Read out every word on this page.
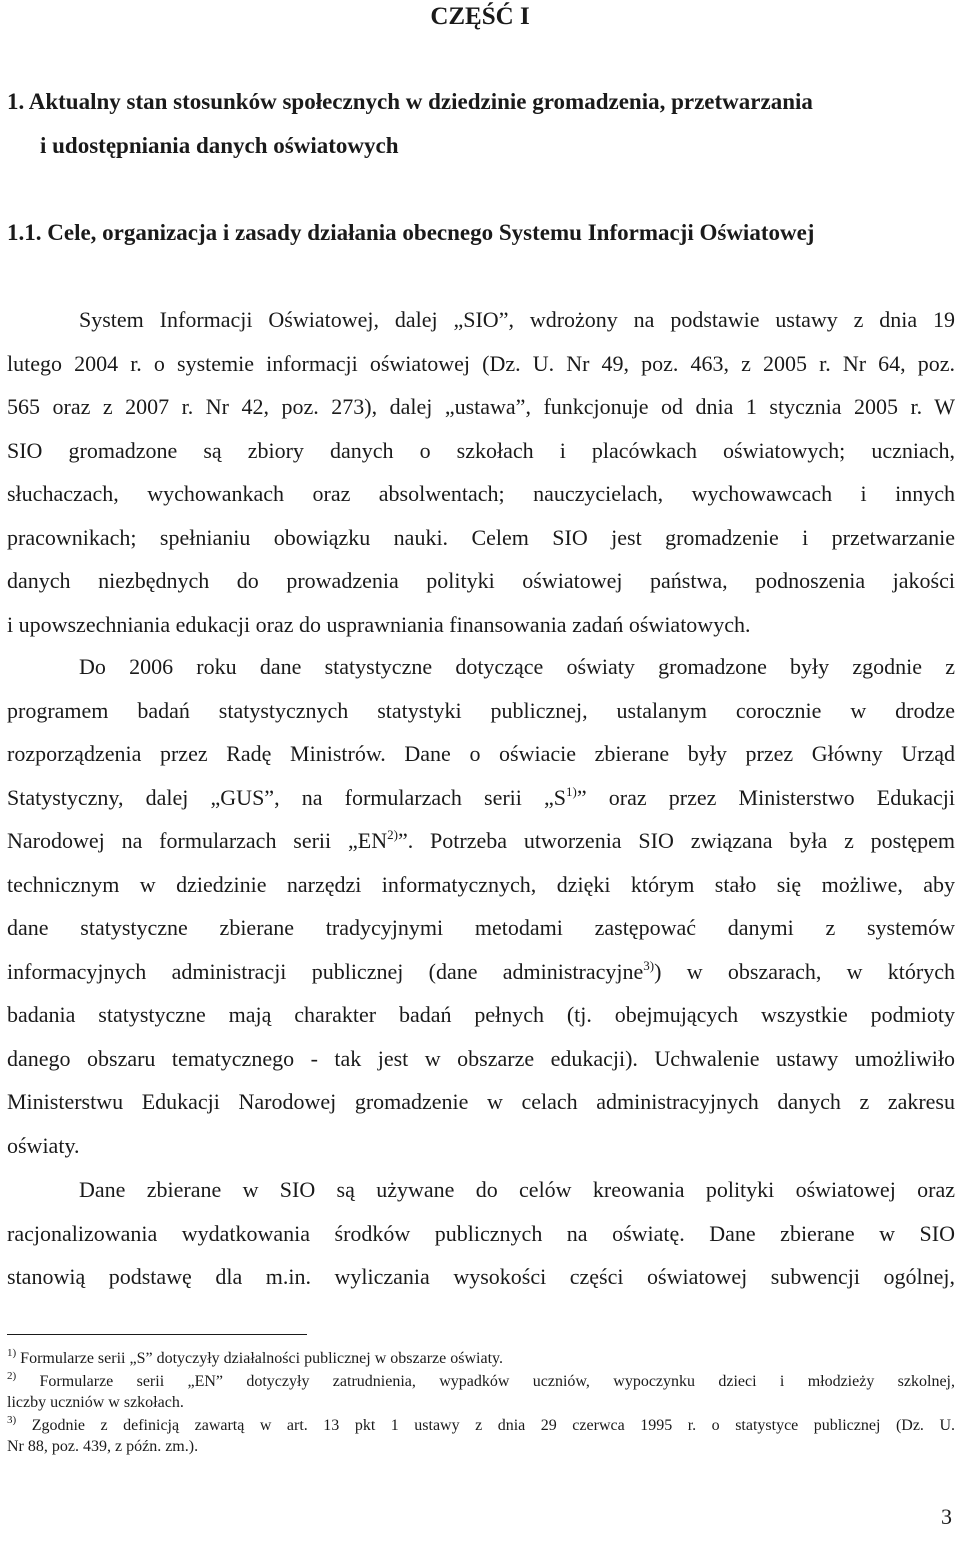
CZĘŚĆ I
1. Aktualny stan stosunków społecznych w dziedzinie gromadzenia, przetwarzania
i udostępniania danych oświatowych
1.1. Cele, organizacja i zasady działania obecnego Systemu Informacji Oświatowej
System Informacji Oświatowej, dalej „SIO”, wdrożony na podstawie ustawy z dnia 19
lutego 2004 r. o systemie informacji oświatowej (Dz. U. Nr 49, poz. 463, z 2005 r. Nr 64, poz.
565 oraz z 2007 r. Nr 42, poz. 273), dalej „ustawa”, funkcjonuje od dnia 1 stycznia 2005 r. W
SIO gromadzone są zbiory danych o szkołach i placówkach oświatowych; uczniach,
słuchaczach, wychowankach oraz absolwentach; nauczycielach, wychowawcach i innych
pracownikach; spełnianiu obowiązku nauki. Celem SIO jest gromadzenie i przetwarzanie
danych niezbędnych do prowadzenia polityki oświatowej państwa, podnoszenia jakości
i upowszechniania edukacji oraz do usprawniania finansowania zadań oświatowych.
Do 2006 roku dane statystyczne dotyczące oświaty gromadzone były zgodnie z
programem badań statystycznych statystyki publicznej, ustalanym corocznie w drodze
rozporządzenia przez Radę Ministrów. Dane o oświacie zbierane były przez Główny Urząd
Statystyczny, dalej „GUS”, na formularzach serii $„S^{1)}$” oraz przez Ministerstwo Edukacji
Narodowej na formularzach serii „EN$^{2)}$”. Potrzeba utworzenia SIO związana była z postępem
technicznym w dziedzinie narzędzi informatycznych, dzięki którym stało się możliwe, aby
dane statystyczne zbierane tradycyjnymi metodami zastępować danymi z systemów
informacyjnych administracji publicznej (dane administracyjne$^{3)}$) w obszarach, w których
badania statystyczne mają charakter badań pełnych (tj. obejmujących wszystkie podmioty
danego obszaru tematycznego - tak jest w obszarze edukacji). Uchwalenie ustawy umożliwiło
Ministerstwu Edukacji Narodowej gromadzenie w celach administracyjnych danych z zakresu
oświaty.
Dane zbierane w SIO są używane do celów kreowania polityki oświatowej oraz
racjonalizowania wydatkowania środków publicznych na oświatę. Dane zbierane w SIO
stanowią podstawę dla m.in. wyliczania wysokości części oświatowej subwencji ogólnej,
$^{1)}$ Formularze serii „S” dotyczyły działalności publicznej w obszarze oświaty.
$^{2)}$ Formularze serii „EN” dotyczyły zatrudnienia, wypadków uczniów, wypoczynku dzieci i młodzieży szkolnej,
liczby uczniów w szkołach.
$^{3)}$ Zgodnie z definicją zawartą w art. 13 pkt 1 ustawy z dnia 29 czerwca 1995 r. o statystyce publicznej (Dz. U.
Nr 88, poz. 439, z późn. zm.).
3
